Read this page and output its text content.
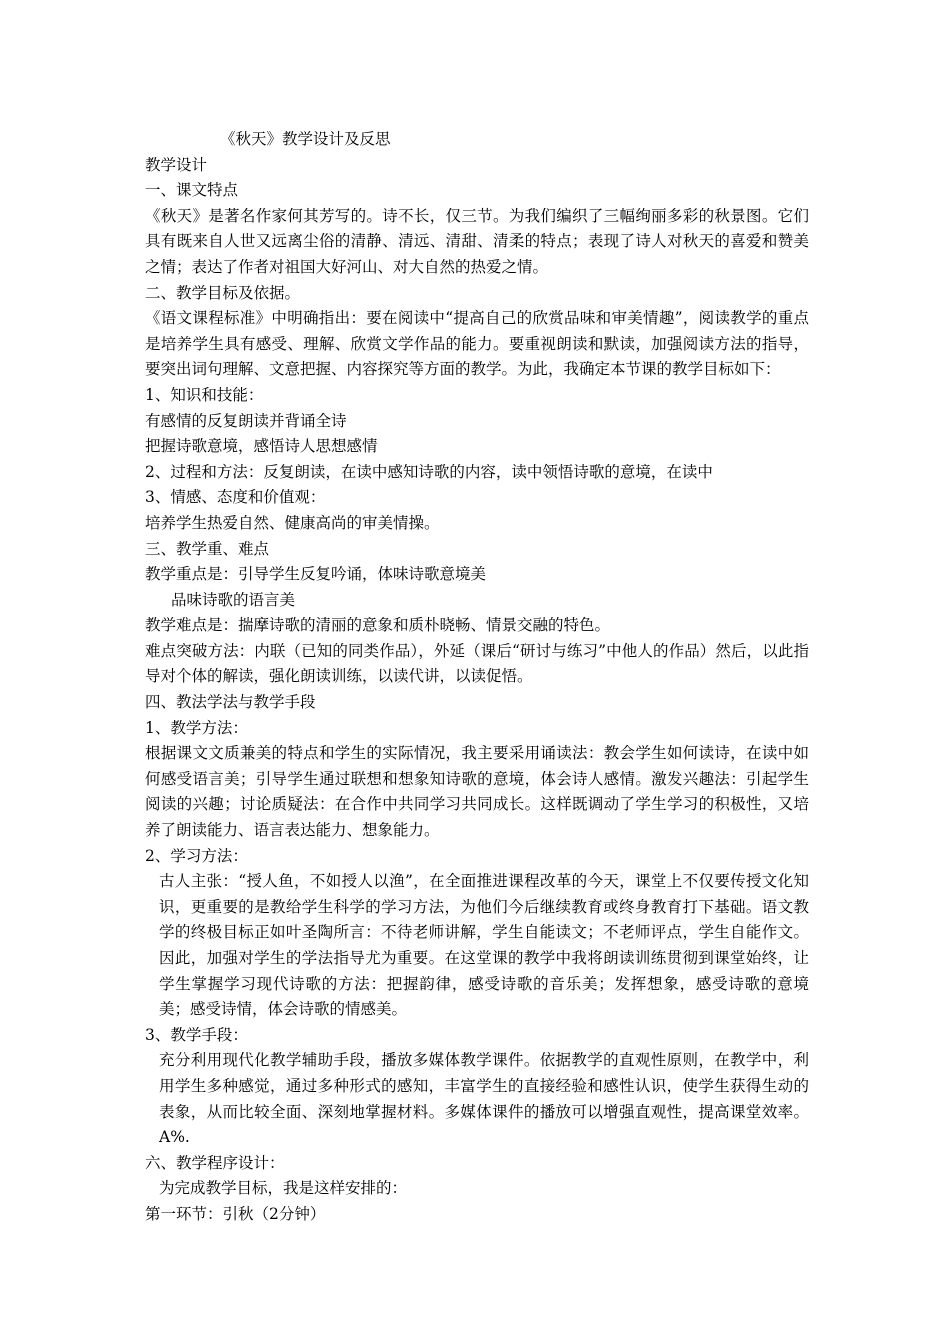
《秋天》教学设计及反思
教学设计
一、课文特点
《秋天》是著名作家何其芳写的。诗不长，仅三节。为我们编织了三幅绚丽多彩的秋景图。它们具有既来自人世又远离尘俗的清静、清远、清甜、清柔的特点；表现了诗人对秋天的喜爱和赞美之情；表达了作者对祖国大好河山、对大自然的热爱之情。
二、教学目标及依据。
《语文课程标准》中明确指出：要在阅读中“提高自己的欣赏品味和审美情趣”，阅读教学的重点是培养学生具有感受、理解、欣赏文学作品的能力。要重视朗读和默读，加强阅读方法的指导，要突出词句理解、文意把握、内容探究等方面的教学。为此，我确定本节课的教学目标如下：
1、知识和技能：
有感情的反复朗读并背诵全诗
把握诗歌意境，感悟诗人思想感情
2、过程和方法：反复朗读，在读中感知诗歌的内容，读中领悟诗歌的意境，在读中
3、情感、态度和价值观：
培养学生热爱自然、健康高尚的审美情操。
三、教学重、难点
教学重点是：引导学生反复吟诵，体味诗歌意境美
品味诗歌的语言美
教学难点是：揣摩诗歌的清丽的意象和质朴晓畅、情景交融的特色。
难点突破方法：内联（已知的同类作品），外延（课后“研讨与练习”中他人的作品）然后，以此指导对个体的解读，强化朗读训练，以读代讲，以读促悟。
四、教法学法与教学手段
1、教学方法：
根据课文文质兼美的特点和学生的实际情况，我主要采用诵读法：教会学生如何读诗，在读中如何感受语言美；引导学生通过联想和想象知诗歌的意境，体会诗人感情。激发兴趣法：引起学生阅读的兴趣；讨论质疑法：在合作中共同学习共同成长。这样既调动了学生学习的积极性，又培养了朗读能力、语言表达能力、想象能力。
2、学习方法：
古人主张：“授人鱼，不如授人以渔”，在全面推进课程改革的今天，课堂上不仅要传授文化知识，更重要的是教给学生科学的学习方法，为他们今后继续教育或终身教育打下基础。语文教学的终极目标正如叶圣陶所言：不待老师讲解，学生自能读文；不老师评点，学生自能作文。因此，加强对学生的学法指导尤为重要。在这堂课的教学中我将朗读训练贯彻到课堂始终，让学生掌握学习现代诗歌的方法：把握韵律，感受诗歌的音乐美；发挥想象，感受诗歌的意境美；感受诗情，体会诗歌的情感美。
3、教学手段：
充分利用现代化教学辅助手段，播放多媒体教学课件。依据教学的直观性原则，在教学中，利用学生多种感觉，通过多种形式的感知，丰富学生的直接经验和感性认识，使学生获得生动的表象，从而比较全面、深刻地掌握材料。多媒体课件的播放可以增强直观性，提高课堂效率。A%.
六、教学程序设计：
为完成教学目标，我是这样安排的：
第一环节：引秋（2分钟）
